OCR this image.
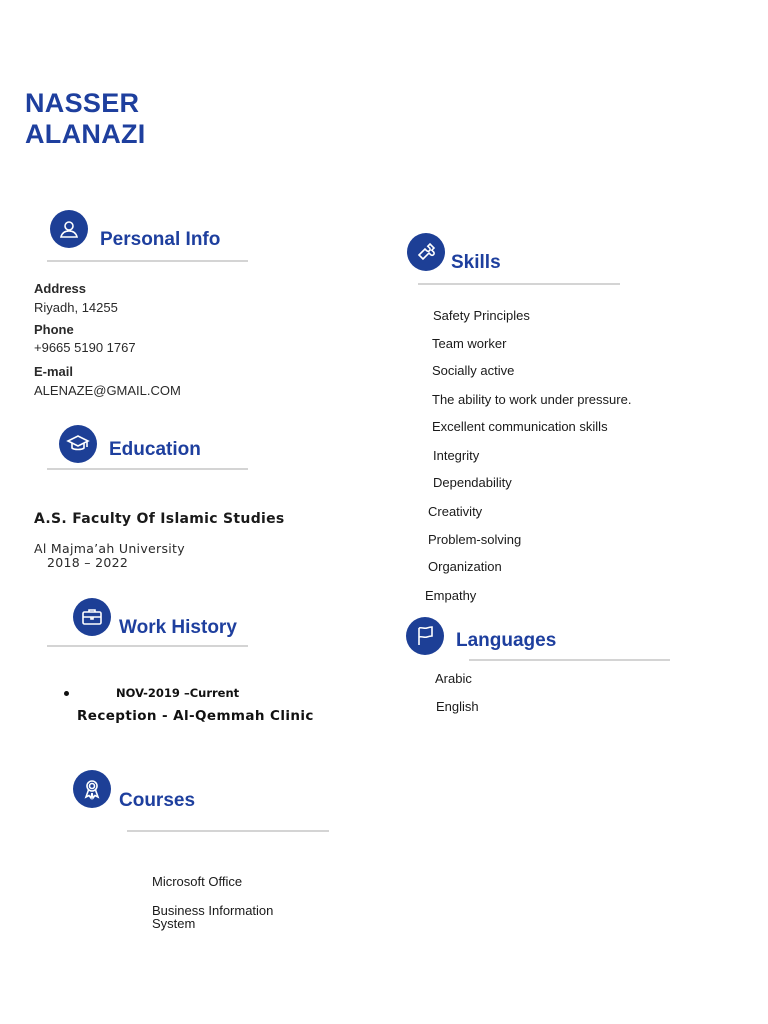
NASSER
ALANAZI
Personal Info
Address
Riyadh, 14255
Phone
+9665 5190 1767
E-mail
ALENAZE@GMAIL.COM
Education
A.S. Faculty Of Islamic Studies
Al Majma’ah University
2018 – 2022
Work History
NOV-2019 –Current
Reception - Al-Qemmah Clinic
Courses
Microsoft Office
Business Information
System
Skills
Safety Principles
Team worker
Socially active
The ability to work under pressure.
Excellent communication skills
Integrity
Dependability
Creativity
Problem-solving
Organization
Empathy
Languages
Arabic
English
